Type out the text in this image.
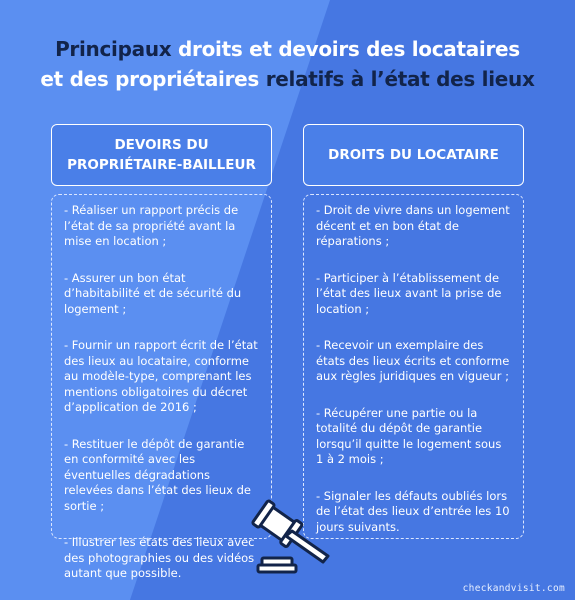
Principaux droits et devoirs des locataires
et des propriétaires relatifs à l’état des lieux
DEVOIRS DU PROPRIÉTAIRE-BAILLEUR
DROITS DU LOCATAIRE
- Réaliser un rapport précis de l’état de sa propriété avant la mise en location ;
- Assurer un bon état d’habitabilité et de sécurité du logement ;
- Fournir un rapport écrit de l’état des lieux au locataire, conforme au modèle-type, comprenant les mentions obligatoires du décret d’application de 2016 ;
- Restituer le dépôt de garantie en conformité avec les éventuelles dégradations relevées dans l’état des lieux de sortie ;
- Illustrer les états des lieux avec des photographies ou des vidéos autant que possible.
- Droit de vivre dans un logement décent et en bon état de réparations ;
- Participer à l’établissement de l’état des lieux avant la prise de location ;
- Recevoir un exemplaire des états des lieux écrits et conforme aux règles juridiques en vigueur ;
- Récupérer une partie ou la totalité du dépôt de garantie lorsqu’il quitte le logement sous 1 à 2 mois ;
- Signaler les défauts oubliés lors de l’état des lieux d’entrée les 10 jours suivants.
checkandvisit.com
